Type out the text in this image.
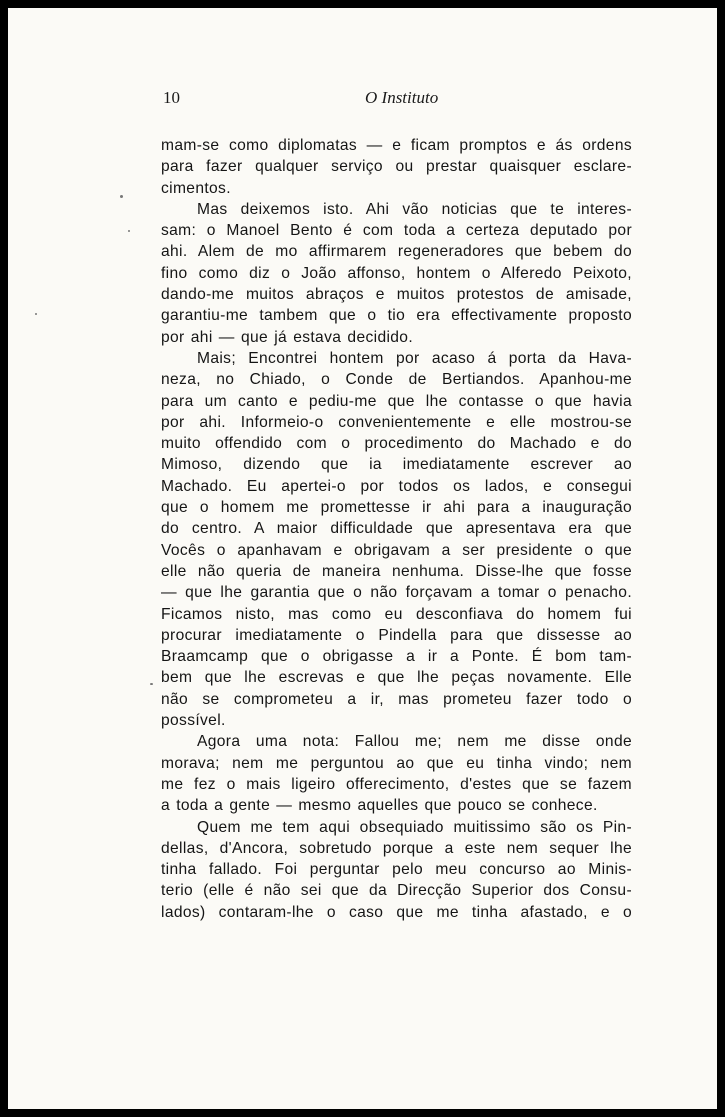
10	O Instituto
mam-se como diplomatas — e ficam promptos e ás ordens
para fazer qualquer serviço ou prestar quaisquer esclare-
cimentos.
Mas deixemos isto. Ahi vão noticias que te interes-
sam: o Manoel Bento é com toda a certeza deputado por
ahi. Alem de mo affirmarem regeneradores que bebem do
fino como diz o João affonso, hontem o Alferedo Peixoto,
dando-me muitos abraços e muitos protestos de amisade,
garantiu-me tambem que o tio era effectivamente proposto
por ahi — que já estava decidido.
Mais; Encontrei hontem por acaso á porta da Hava-
neza, no Chiado, o Conde de Bertiandos. Apanhou-me
para um canto e pediu-me que lhe contasse o que havia
por ahi. Informeio-o convenientemente e elle mostrou-se
muito offendido com o procedimento do Machado e do
Mimoso, dizendo que ia imediatamente escrever ao
Machado. Eu apertei-o por todos os lados, e consegui
que o homem me promettesse ir ahi para a inauguração
do centro. A maior difficuldade que apresentava era que
Vocês o apanhavam e obrigavam a ser presidente o que
elle não queria de maneira nenhuma. Disse-lhe que fosse
— que lhe garantia que o não forçavam a tomar o penacho.
Ficamos nisto, mas como eu desconfiava do homem fui
procurar imediatamente o Pindella para que dissesse ao
Braamcamp que o obrigasse a ir a Ponte. É bom tam-
bem que lhe escrevas e que lhe peças novamente. Elle
não se comprometeu a ir, mas prometeu fazer todo o
possível.
Agora uma nota: Fallou me; nem me disse onde
morava; nem me perguntou ao que eu tinha vindo; nem
me fez o mais ligeiro offerecimento, d'estes que se fazem
a toda a gente — mesmo aquelles que pouco se conhece.
Quem me tem aqui obsequiado muitissimo são os Pin-
dellas, d'Ancora, sobretudo porque a este nem sequer lhe
tinha fallado. Foi perguntar pelo meu concurso ao Minis-
terio (elle é não sei que da Direcção Superior dos Consu-
lados) contaram-lhe o caso que me tinha afastado, e o
